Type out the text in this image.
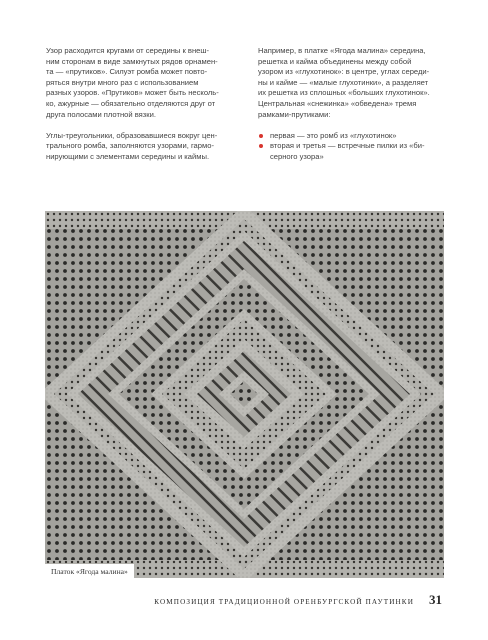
Узор расходится кругами от середины к внеш-
ним сторонам в виде замкнутых рядов орнамен-
та — «прутиков». Силуэт ромба может повто-
ряться внутри много раз с использованием
разных узоров. «Прутиков» может быть несколь-
ко, ажурные — обязательно отделяются друг от
друга полосами плотной вязки.

Углы-треугольники, образовавшиеся вокруг цен-
трального ромба, заполняются узорами, гармо-
нирующими с элементами середины и каймы.

Например, в платке «Ягода малина» середина,
решетка и кайма объединены между собой
узором из «глухотинок»: в центре, углах середи-
ны и кайме — «малые глухотинки», а разделяет
их решетка из сплошных «больших глухотинок».
Центральная «снежинка» «обведена» тремя
рамками-прутиками:

первая — это ромб из «глухотинок»
вторая и третья — встречные пилки из «би-
серного узора»
Платок «Ягода малина»
КОМПОЗИЦИЯ ТРАДИЦИОННОЙ ОРЕНБУРГСКОЙ ПАУТИНКИ 31
